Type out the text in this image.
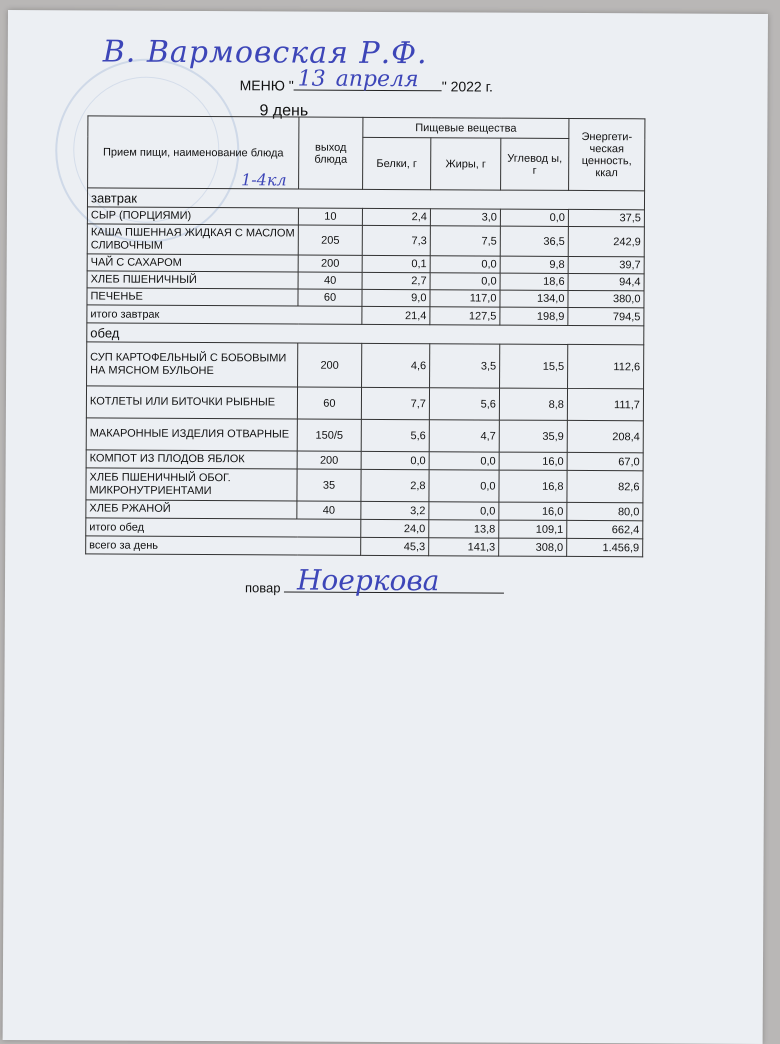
В. Вармовская Р.Ф.
МЕНЮ "	" 2022 г.
13 апреля
9 день
Прием пищи, наименование блюда	выход блюда	Пищевые вещества			Энергети-ческая ценность, ккал
		Белки, г	Жиры, г	Углевод ы, г	
завтрак					
СЫР (ПОРЦИЯМИ)	10	2,4	3,0	0,0	37,5
КАША ПШЕННАЯ ЖИДКАЯ С МАСЛОМ СЛИВОЧНЫМ	205	7,3	7,5	36,5	242,9
ЧАЙ С САХАРОМ	200	0,1	0,0	9,8	39,7
ХЛЕБ ПШЕНИЧНЫЙ	40	2,7	0,0	18,6	94,4
ПЕЧЕНЬЕ	60	9,0	117,0	134,0	380,0
итого завтрак		21,4	127,5	198,9	794,5
обед					
СУП КАРТОФЕЛЬНЫЙ С БОБОВЫМИ НА МЯСНОМ БУЛЬОНЕ	200	4,6	3,5	15,5	112,6
КОТЛЕТЫ ИЛИ БИТОЧКИ РЫБНЫЕ	60	7,7	5,6	8,8	111,7
МАКАРОННЫЕ ИЗДЕЛИЯ ОТВАРНЫЕ	150/5	5,6	4,7	35,9	208,4
КОМПОТ ИЗ ПЛОДОВ ЯБЛОК	200	0,0	0,0	16,0	67,0
ХЛЕБ ПШЕНИЧНЫЙ ОБОГ. МИКРОНУТРИЕНТАМИ	35	2,8	0,0	16,8	82,6
ХЛЕБ РЖАНОЙ	40	3,2	0,0	16,0	80,0
итого обед		24,0	13,8	109,1	662,4
всего за день		45,3	141,3	308,0	1.456,9
1-4кл
повар Ноеркова
